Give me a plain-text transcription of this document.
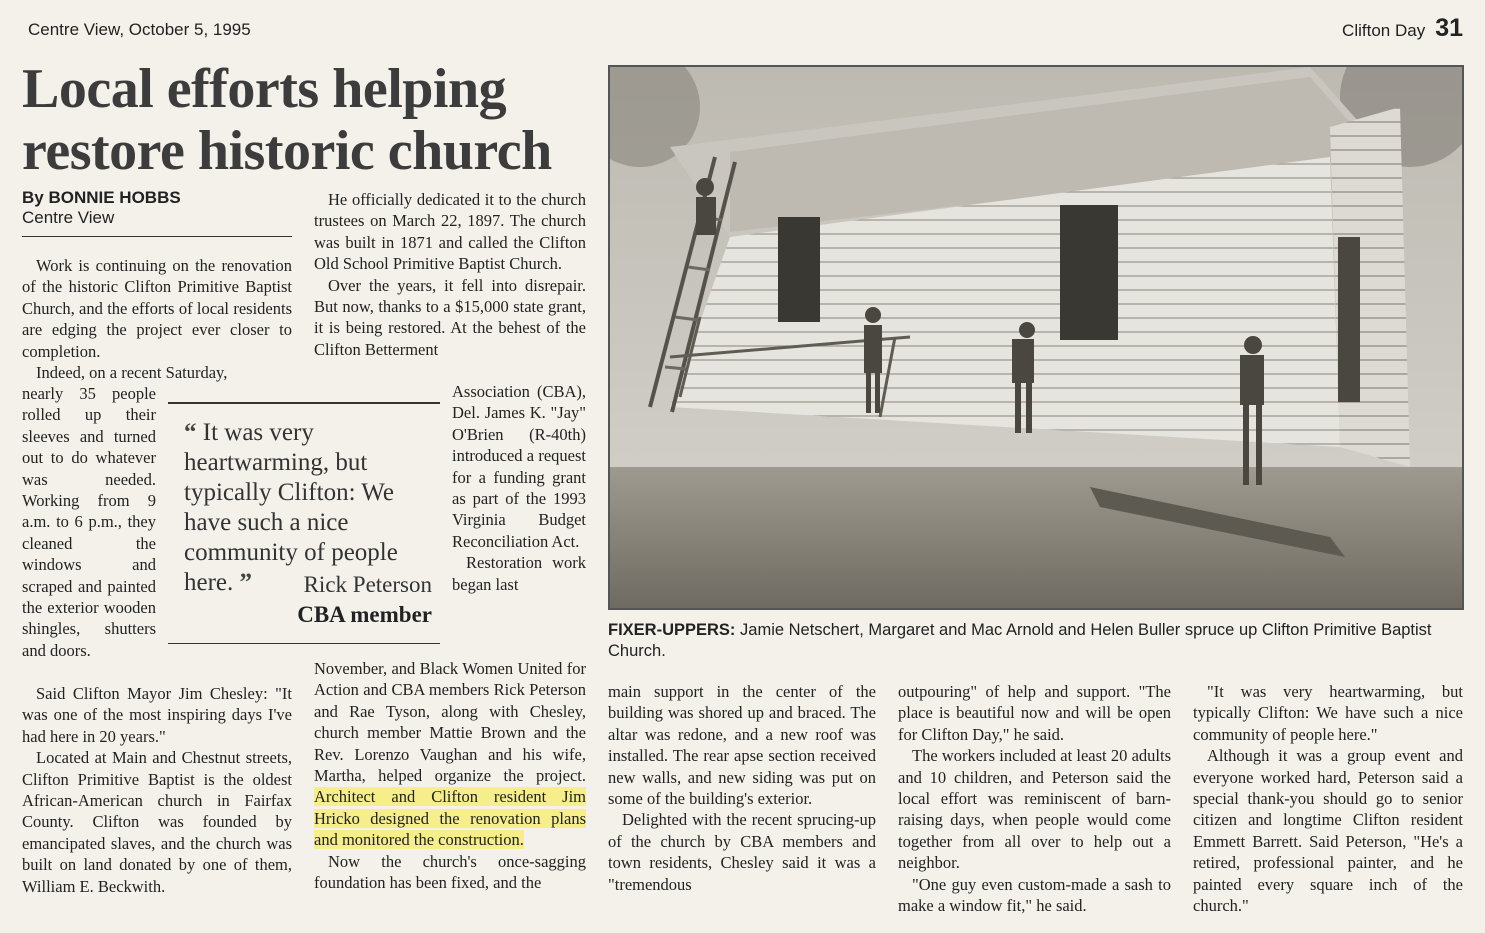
Centre View, October 5, 1995	Clifton Day 31
Local efforts helping restore historic church
By BONNIE HOBBS
Centre View

Work is continuing on the renovation of the historic Clifton Primitive Baptist Church, and the efforts of local residents are edging the project ever closer to completion.

Indeed, on a recent Saturday,

nearly 35 people rolled up their sleeves and turned out to do whatever was needed. Working from 9 a.m. to 6 p.m., they cleaned the windows and scraped and painted the exterior wooden shingles, shutters and doors.

Said Clifton Mayor Jim Chesley: "It was one of the most inspiring days I've had here in 20 years."

Located at Main and Chestnut streets, Clifton Primitive Baptist is the oldest African-American church in Fairfax County. Clifton was founded by emancipated slaves, and the church was built on land donated by one of them, William E. Beckwith.

“ It was very heartwarming, but typically Clifton: We have such a nice community of people here. ”	Rick Peterson
CBA member

He officially dedicated it to the church trustees on March 22, 1897. The church was built in 1871 and called the Clifton Old School Primitive Baptist Church.

Over the years, it fell into disrepair. But now, thanks to a $15,000 state grant, it is being restored. At the behest of the Clifton Betterment

Association (CBA), Del. James K. "Jay" O'Brien (R-40th) introduced a request for a funding grant as part of the 1993 Virginia Budget Reconciliation Act.

Restoration work began last

November, and Black Women United for Action and CBA members Rick Peterson and Rae Tyson, along with Chesley, church member Mattie Brown and the Rev. Lorenzo Vaughan and his wife, Martha, helped organize the project. Architect and Clifton resident Jim Hricko designed the renovation plans and monitored the construction.

Now the church's once-sagging foundation has been fixed, and the

FIXER-UPPERS: Jamie Netschert, Margaret and Mac Arnold and Helen Buller spruce up Clifton Primitive Baptist Church.

main support in the center of the building was shored up and braced. The altar was redone, and a new roof was installed. The rear apse section received new walls, and new siding was put on some of the building's exterior.

Delighted with the recent sprucing-up of the church by CBA members and town residents, Chesley said it was a "tremendous

outpouring" of help and support. "The place is beautiful now and will be open for Clifton Day," he said.

The workers included at least 20 adults and 10 children, and Peterson said the local effort was reminiscent of barn-raising days, when people would come together from all over to help out a neighbor.

"One guy even custom-made a sash to make a window fit," he said.

"It was very heartwarming, but typically Clifton: We have such a nice community of people here."

Although it was a group event and everyone worked hard, Peterson said a special thank-you should go to senior citizen and longtime Clifton resident Emmett Barrett. Said Peterson, "He's a retired, professional painter, and he painted every square inch of the church."
